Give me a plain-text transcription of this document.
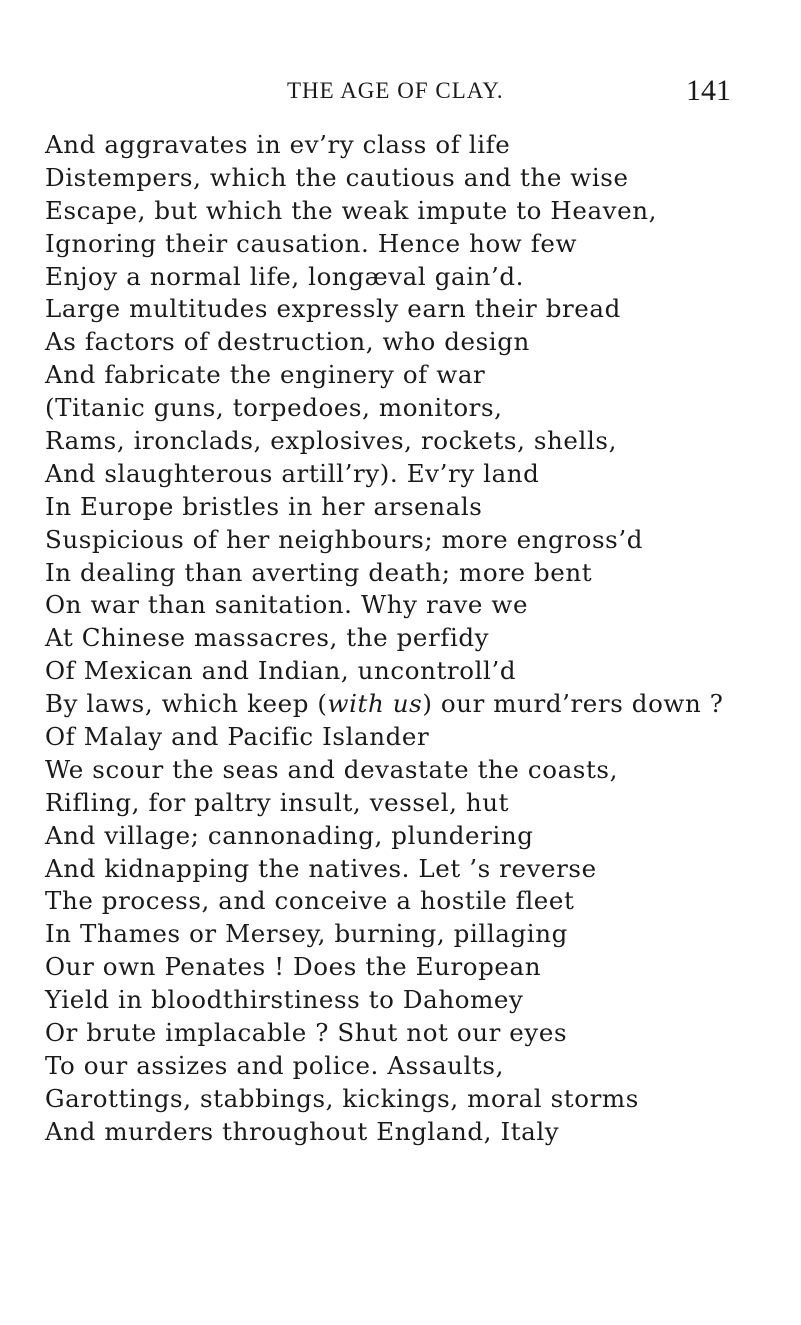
THE AGE OF CLAY.	141
And aggravates in ev’ry class of life
Distempers, which the cautious and the wise
Escape, but which the weak impute to Heaven,
Ignoring their causation. Hence how few
Enjoy a normal life, longæval gain’d.
Large multitudes expressly earn their bread
As factors of destruction, who design
And fabricate the enginery of war
(Titanic guns, torpedoes, monitors,
Rams, ironclads, explosives, rockets, shells,
And slaughterous artill’ry). Ev’ry land
In Europe bristles in her arsenals
Suspicious of her neighbours; more engross’d
In dealing than averting death; more bent
On war than sanitation. Why rave we
At Chinese massacres, the perfidy
Of Mexican and Indian, uncontroll’d
By laws, which keep (with us) our murd’rers down ?
Of Malay and Pacific Islander
We scour the seas and devastate the coasts,
Rifling, for paltry insult, vessel, hut
And village; cannonading, plundering
And kidnapping the natives. Let ’s reverse
The process, and conceive a hostile fleet
In Thames or Mersey, burning, pillaging
Our own Penates ! Does the European
Yield in bloodthirstiness to Dahomey
Or brute implacable ? Shut not our eyes
To our assizes and police. Assaults,
Garottings, stabbings, kickings, moral storms
And murders throughout England, Italy
